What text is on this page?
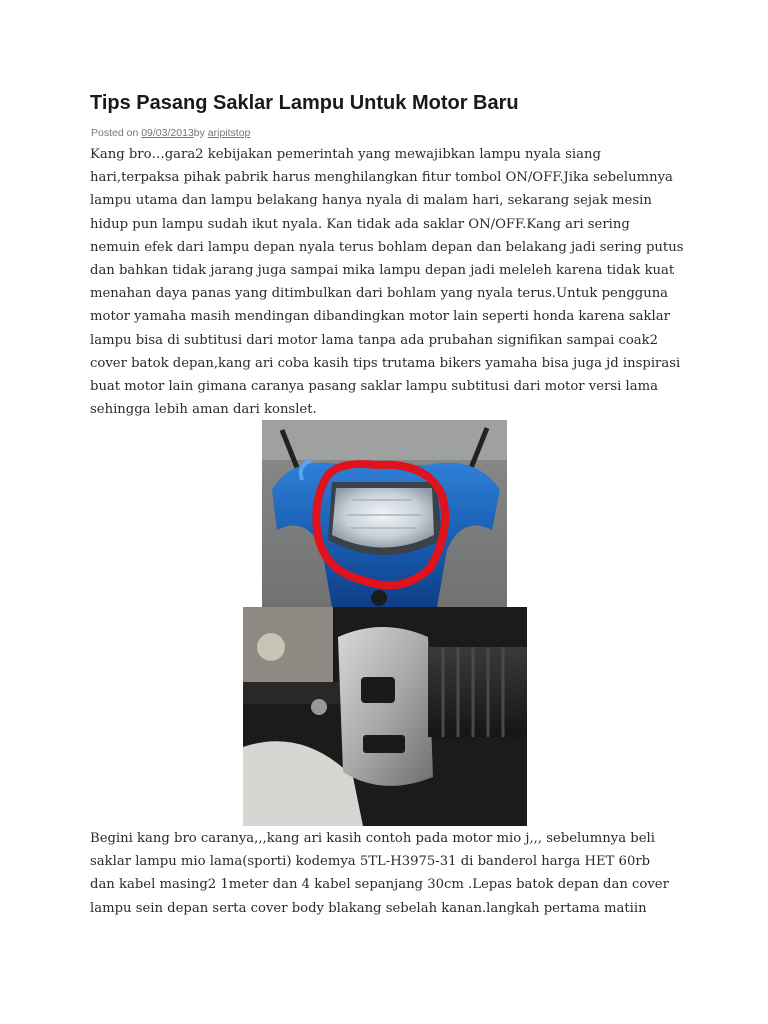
Tips Pasang Saklar Lampu Untuk Motor Baru
Posted on 09/03/2013by aripitstop
Kang bro…gara2 kebijakan pemerintah yang mewajibkan lampu nyala siang
hari,terpaksa pihak pabrik harus menghilangkan fitur tombol ON/OFF.Jika sebelumnya
lampu utama dan lampu belakang hanya nyala di malam hari, sekarang sejak mesin
hidup pun lampu sudah ikut nyala. Kan tidak ada saklar ON/OFF.Kang ari sering
nemuin efek dari lampu depan nyala terus bohlam depan dan belakang jadi sering putus
dan bahkan tidak jarang juga sampai mika lampu depan jadi meleleh karena tidak kuat
menahan daya panas yang ditimbulkan dari bohlam yang nyala terus.Untuk pengguna
motor yamaha masih mendingan dibandingkan motor lain seperti honda karena saklar
lampu bisa di subtitusi dari motor lama tanpa ada prubahan signifikan sampai coak2
cover batok depan,kang ari coba kasih tips trutama bikers yamaha bisa juga jd inspirasi
buat motor lain gimana caranya pasang saklar lampu subtitusi dari motor versi lama
sehingga lebih aman dari konslet.
Begini kang bro caranya,,,kang ari kasih contoh pada motor mio j,,, sebelumnya beli
saklar lampu mio lama(sporti) kodemya 5TL-H3975-31 di banderol harga HET 60rb
dan kabel masing2 1meter dan 4 kabel sepanjang 30cm .Lepas batok depan dan cover
lampu sein depan serta cover body blakang sebelah kanan.langkah pertama matiin
